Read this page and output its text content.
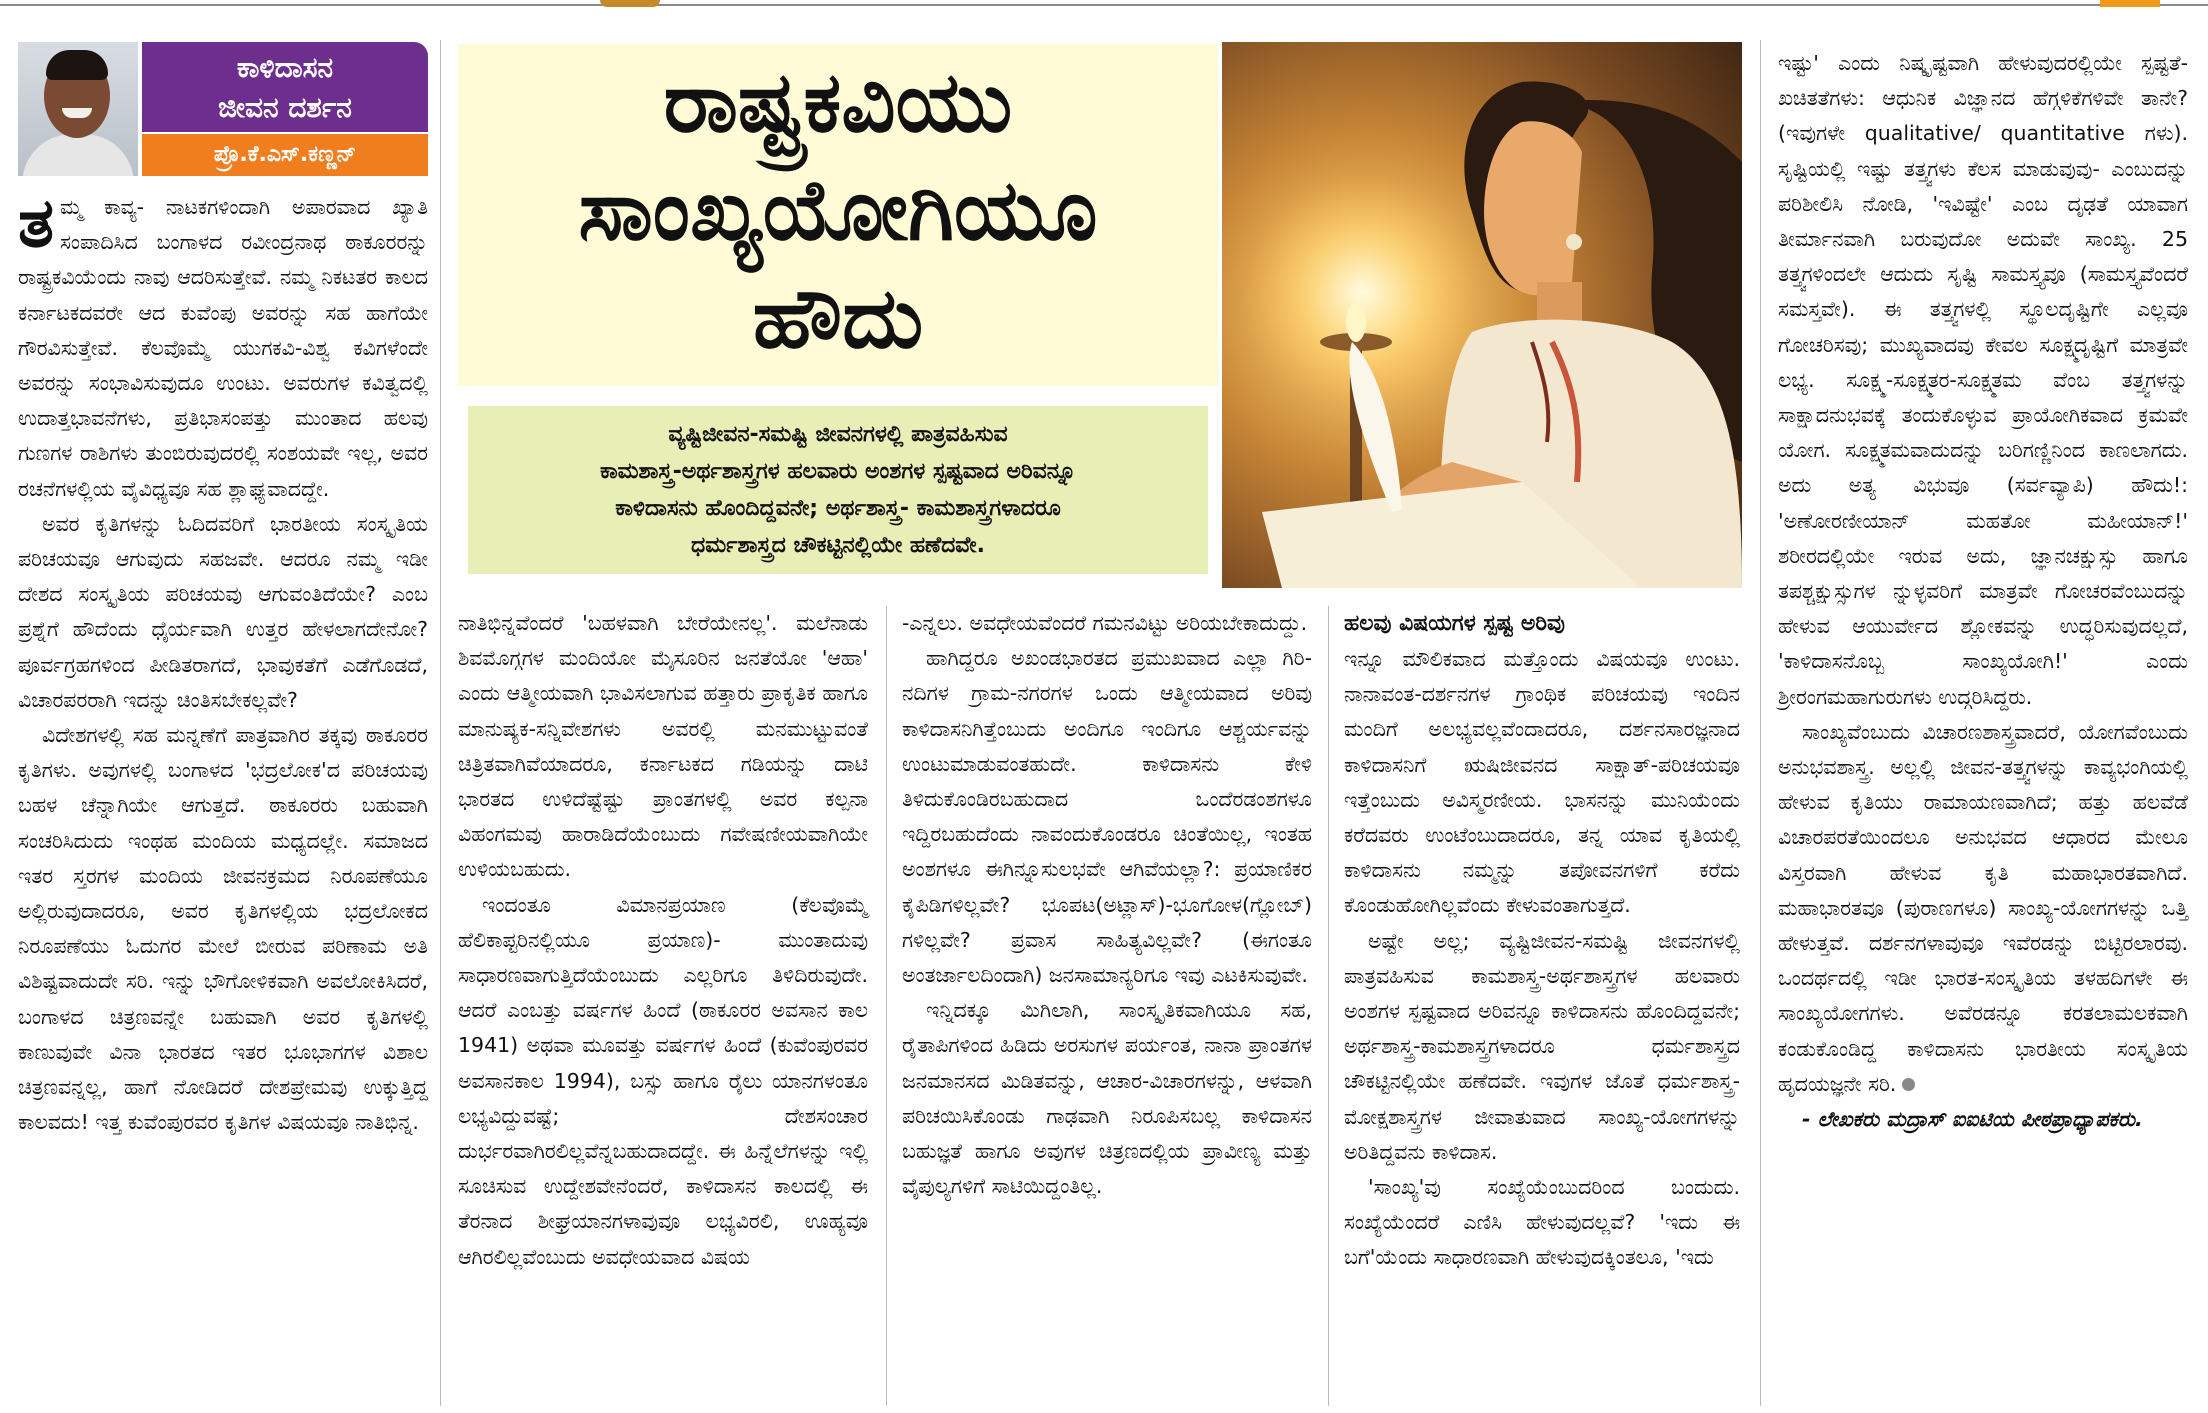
ಕಾಳಿದಾಸನ
ಜೀವನ ದರ್ಶನ
ಪ್ರೊ.ಕೆ.ಎಸ್.ಕಣ್ಣನ್
ರಾಷ್ಟ್ರಕವಿಯು
ಸಾಂಖ್ಯಯೋಗಿಯೂ
ಹೌದು
ವ್ಯಷ್ಟಿಜೀವನ-ಸಮಷ್ಟಿ ಜೀವನಗಳಲ್ಲಿ ಪಾತ್ರವಹಿಸುವ
ಕಾಮಶಾಸ್ತ್ರ-ಅರ್ಥಶಾಸ್ತ್ರಗಳ ಹಲವಾರು ಅಂಶಗಳ ಸ್ಪಷ್ಟವಾದ ಅರಿವನ್ನೂ
ಕಾಳಿದಾಸನು ಹೊಂದಿದ್ದವನೇ; ಅರ್ಥಶಾಸ್ತ್ರ- ಕಾಮಶಾಸ್ತ್ರಗಳಾದರೂ
ಧರ್ಮಶಾಸ್ತ್ರದ ಚೌಕಟ್ಟಿನಲ್ಲಿಯೇ ಹಣೆದವೇ.

ತಮ್ಮ ಕಾವ್ಯ- ನಾಟಕಗಳಿಂದಾಗಿ ಅಪಾರವಾದ ಖ್ಯಾತಿ ಸಂಪಾದಿಸಿದ ಬಂಗಾಳದ ರವೀಂದ್ರನಾಥ ಠಾಕೂರರನ್ನು ರಾಷ್ಟ್ರಕವಿಯೆಂದು ನಾವು ಆದರಿಸುತ್ತೇವೆ. ನಮ್ಮ ನಿಕಟತರ ಕಾಲದ ಕರ್ನಾಟಕದವರೇ ಆದ ಕುವೆಂಪು ಅವರನ್ನು ಸಹ ಹಾಗೆಯೇ ಗೌರವಿಸುತ್ತೇವೆ. ಕೆಲವೊಮ್ಮೆ ಯುಗಕವಿ-ವಿಶ್ವ ಕವಿಗಳೆಂದೇ ಅವರನ್ನು ಸಂಭಾವಿಸುವುದೂ ಉಂಟು. ಅವರುಗಳ ಕವಿತ್ವದಲ್ಲಿ ಉದಾತ್ತಭಾವನೆಗಳು, ಪ್ರತಿಭಾಸಂಪತ್ತು ಮುಂತಾದ ಹಲವು ಗುಣಗಳ ರಾಶಿಗಳು ತುಂಬಿರುವುದರಲ್ಲಿ ಸಂಶಯವೇ ಇಲ್ಲ, ಅವರ ರಚನೆಗಳಲ್ಲಿಯ ವೈವಿಧ್ಯವೂ ಸಹ ಶ್ಲಾಘ್ಯವಾದದ್ದೇ.

ಅವರ ಕೃತಿಗಳನ್ನು ಓದಿದವರಿಗೆ ಭಾರತೀಯ ಸಂಸ್ಕೃತಿಯ ಪರಿಚಯವೂ ಆಗುವುದು ಸಹಜವೇ. ಆದರೂ ನಮ್ಮ ಇಡೀ ದೇಶದ ಸಂಸ್ಕೃತಿಯ ಪರಿಚಯವು ಆಗುವಂತಿದೆಯೇ? ಎಂಬ ಪ್ರಶ್ನೆಗೆ ಹೌದೆಂದು ಧೈರ್ಯವಾಗಿ ಉತ್ತರ ಹೇಳಲಾಗದೇನೋ? ಪೂರ್ವಗ್ರಹಗಳಿಂದ ಪೀಡಿತರಾಗದೆ, ಭಾವುಕತೆಗೆ ಎಡೆಗೊಡದೆ, ವಿಚಾರಪರರಾಗಿ ಇದನ್ನು ಚಿಂತಿಸಬೇಕಲ್ಲವೇ?

ವಿದೇಶಗಳಲ್ಲಿ ಸಹ ಮನ್ನಣೆಗೆ ಪಾತ್ರವಾಗಿರ ತಕ್ಕವು ಠಾಕೂರರ ಕೃತಿಗಳು. ಅವುಗಳಲ್ಲಿ ಬಂಗಾಳದ 'ಭದ್ರಲೋಕ'ದ ಪರಿಚಯವು ಬಹಳ ಚೆನ್ನಾಗಿಯೇ ಆಗುತ್ತದೆ. ಠಾಕೂರರು ಬಹುವಾಗಿ ಸಂಚರಿಸಿದುದು ಇಂಥಹ ಮಂದಿಯ ಮಧ್ಯದಲ್ಲೇ. ಸಮಾಜದ ಇತರ ಸ್ತರಗಳ ಮಂದಿಯ ಜೀವನಕ್ರಮದ ನಿರೂಪಣೆಯೂ ಅಲ್ಲಿರುವುದಾದರೂ, ಅವರ ಕೃತಿಗಳಲ್ಲಿಯ ಭದ್ರಲೋಕದ ನಿರೂಪಣೆಯು ಓದುಗರ ಮೇಲೆ ಬೀರುವ ಪರಿಣಾಮ ಅತಿ ವಿಶಿಷ್ಟವಾದುದೇ ಸರಿ. ಇನ್ನು ಭೌಗೋಳಿಕವಾಗಿ ಅವಲೋಕಿಸಿದರೆ, ಬಂಗಾಳದ ಚಿತ್ರಣವನ್ನೇ ಬಹುವಾಗಿ ಅವರ ಕೃತಿಗಳಲ್ಲಿ ಕಾಣುವುವೇ ವಿನಾ ಭಾರತದ ಇತರ ಭೂಭಾಗಗಳ ವಿಶಾಲ ಚಿತ್ರಣವನ್ನಲ್ಲ, ಹಾಗೆ ನೋಡಿದರೆ ದೇಶಪ್ರೇಮವು ಉಕ್ಕುತ್ತಿದ್ದ ಕಾಲವದು! ಇತ್ತ ಕುವೆಂಪುರವರ ಕೃತಿಗಳ ವಿಷಯವೂ ನಾತಿಭಿನ್ನ.

ನಾತಿಭಿನ್ನವೆಂದರೆ 'ಬಹಳವಾಗಿ ಬೇರೆಯೇನಲ್ಲ'. ಮಲೆನಾಡು ಶಿವಮೊಗ್ಗಗಳ ಮಂದಿಯೋ ಮೈಸೂರಿನ ಜನತೆಯೋ 'ಆಹಾ' ಎಂದು ಆತ್ಮೀಯವಾಗಿ ಭಾವಿಸಲಾಗುವ ಹತ್ತಾರು ಪ್ರಾಕೃತಿಕ ಹಾಗೂ ಮಾನುಷ್ಯಕ-ಸನ್ನಿವೇಶಗಳು ಅವರಲ್ಲಿ ಮನಮುಟ್ಟುವಂತೆ ಚಿತ್ರಿತವಾಗಿವೆಯಾದರೂ, ಕರ್ನಾಟಕದ ಗಡಿಯನ್ನು ದಾಟಿ ಭಾರತದ ಉಳಿದೆಷ್ಟೆಷ್ಟು ಪ್ರಾಂತಗಳಲ್ಲಿ ಅವರ ಕಲ್ಪನಾ ವಿಹಂಗಮವು ಹಾರಾಡಿದೆಯೆಂಬುದು ಗವೇಷಣೀಯವಾಗಿಯೇ ಉಳಿಯಬಹುದು.

ಇಂದಂತೂ ವಿಮಾನಪ್ರಯಾಣ (ಕೆಲವೊಮ್ಮೆ ಹೆಲಿಕಾಪ್ಟರಿನಲ್ಲಿಯೂ ಪ್ರಯಾಣ)- ಮುಂತಾದುವು ಸಾಧಾರಣವಾಗುತ್ತಿದೆಯೆಂಬುದು ಎಲ್ಲರಿಗೂ ತಿಳಿದಿರುವುದೇ. ಆದರೆ ಎಂಬತ್ತು ವರ್ಷಗಳ ಹಿಂದೆ (ಠಾಕೂರರ ಅವಸಾನ ಕಾಲ 1941) ಅಥವಾ ಮೂವತ್ತು ವರ್ಷಗಳ ಹಿಂದೆ (ಕುವೆಂಪುರವರ ಅವಸಾನಕಾಲ 1994), ಬಸ್ಸು ಹಾಗೂ ರೈಲು ಯಾನಗಳಂತೂ ಲಭ್ಯವಿದ್ದುವಷ್ಟೆ; ದೇಶಸಂಚಾರ ದುರ್ಭರವಾಗಿರಲಿಲ್ಲವೆನ್ನಬಹುದಾದದ್ದೇ. ಈ ಹಿನ್ನೆಲೆಗಳನ್ನು ಇಲ್ಲಿ ಸೂಚಿಸುವ ಉದ್ದೇಶವೇನೆಂದರೆ, ಕಾಳಿದಾಸನ ಕಾಲದಲ್ಲಿ ಈ ತೆರನಾದ ಶೀಘ್ರಯಾನಗಳಾವುವೂ ಲಭ್ಯವಿರಲಿ, ಊಹ್ಯವೂ ಆಗಿರಲಿಲ್ಲವೆಂಬುದು ಅವಧೇಯವಾದ ವಿಷಯ

-ಎನ್ನಲು. ಅವಧೇಯವೆಂದರೆ ಗಮನವಿಟ್ಟು ಅರಿಯಬೇಕಾದುದ್ದು.

ಹಾಗಿದ್ದರೂ ಅಖಂಡಭಾರತದ ಪ್ರಮುಖವಾದ ಎಲ್ಲಾ ಗಿರಿ-ನದಿಗಳ ಗ್ರಾಮ-ನಗರಗಳ ಒಂದು ಆತ್ಮೀಯವಾದ ಅರಿವು ಕಾಳಿದಾಸನಿಗಿತ್ತೆಂಬುದು ಅಂದಿಗೂ ಇಂದಿಗೂ ಆಶ್ಚರ್ಯವನ್ನು ಉಂಟುಮಾಡುವಂತಹುದೇ. ಕಾಳಿದಾಸನು ಕೇಳಿ ತಿಳಿದುಕೊಂಡಿರಬಹುದಾದ ಒಂದೆರಡಂಶಗಳೂ ಇದ್ದಿರಬಹುದೆಂದು ನಾವಂದುಕೊಂಡರೂ ಚಿಂತೆಯಿಲ್ಲ, ಇಂತಹ ಅಂಶಗಳೂ ಈಗಿನ್ನೂಸುಲಭವೇ ಆಗಿವೆಯಲ್ಲಾ?: ಪ್ರಯಾಣಿಕರ ಕೈಪಿಡಿಗಳಿಲ್ಲವೇ? ಭೂಪಟ(ಅಟ್ಲಾಸ್)-ಭೂಗೋಳ(ಗ್ಲೋಬ್) ಗಳಿಲ್ಲವೇ? ಪ್ರವಾಸ ಸಾಹಿತ್ಯವಿಲ್ಲವೇ? (ಈಗಂತೂ ಅಂತರ್ಜಾಲದಿಂದಾಗಿ) ಜನಸಾಮಾನ್ಯರಿಗೂ ಇವು ಎಟಕಿಸುವುವೇ.

ಇನ್ನಿದಕ್ಕೂ ಮಿಗಿಲಾಗಿ, ಸಾಂಸ್ಕೃತಿಕವಾಗಿಯೂ ಸಹ, ರೈತಾಪಿಗಳಿಂದ ಹಿಡಿದು ಅರಸುಗಳ ಪರ್ಯಂತ, ನಾನಾ ಪ್ರಾಂತಗಳ ಜನಮಾನಸದ ಮಿಡಿತವನ್ನು, ಆಚಾರ-ವಿಚಾರಗಳನ್ನು, ಆಳವಾಗಿ ಪರಿಚಯಿಸಿಕೊಂಡು ಗಾಢವಾಗಿ ನಿರೂಪಿಸಬಲ್ಲ ಕಾಳಿದಾಸನ ಬಹುಜ್ಞತೆ ಹಾಗೂ ಅವುಗಳ ಚಿತ್ರಣದಲ್ಲಿಯ ಪ್ರಾವೀಣ್ಯ ಮತ್ತು ವೈಪುಲ್ಯಗಳಿಗೆ ಸಾಟಿಯಿದ್ದಂತಿಲ್ಲ.

ಹಲವು ವಿಷಯಗಳ ಸ್ಪಷ್ಟ ಅರಿವು

ಇನ್ನೂ ಮೌಲಿಕವಾದ ಮತ್ತೊಂದು ವಿಷಯವೂ ಉಂಟು. ನಾನಾವಂತ-ದರ್ಶನಗಳ ಗ್ರಾಂಥಿಕ ಪರಿಚಯವು ಇಂದಿನ ಮಂದಿಗೆ ಅಲಭ್ಯವಲ್ಲವೆಂದಾದರೂ, ದರ್ಶನಸಾರಜ್ಞನಾದ ಕಾಳಿದಾಸನಿಗೆ ಋಷಿಜೀವನದ ಸಾಕ್ಷಾತ್-ಪರಿಚಯವೂ ಇತ್ತೆಂಬುದು ಅವಿಸ್ಮರಣೀಯ. ಭಾಸನನ್ನು ಮುನಿಯೆಂದು ಕರೆದವರು ಉಂಟೆಂಬುದಾದರೂ, ತನ್ನ ಯಾವ ಕೃತಿಯಲ್ಲಿ ಕಾಳಿದಾಸನು ನಮ್ಮನ್ನು ತಪೋವನಗಳಿಗೆ ಕರೆದು ಕೊಂಡುಹೋಗಿಲ್ಲವೆಂದು ಕೇಳುವಂತಾಗುತ್ತದೆ.

ಅಷ್ಟೇ ಅಲ್ಲ; ವ್ಯಷ್ಟಿಜೀವನ-ಸಮಷ್ಟಿ ಜೀವನಗಳಲ್ಲಿ ಪಾತ್ರವಹಿಸುವ ಕಾಮಶಾಸ್ತ್ರ-ಅರ್ಥಶಾಸ್ತ್ರಗಳ ಹಲವಾರು ಅಂಶಗಳ ಸ್ಪಷ್ಟವಾದ ಅರಿವನ್ನೂ ಕಾಳಿದಾಸನು ಹೊಂದಿದ್ದವನೇ; ಅರ್ಥಶಾಸ್ತ್ರ-ಕಾಮಶಾಸ್ತ್ರಗಳಾದರೂ ಧರ್ಮಶಾಸ್ತ್ರದ ಚೌಕಟ್ಟಿನಲ್ಲಿಯೇ ಹಣೆದವೇ. ಇವುಗಳ ಜೊತೆ ಧರ್ಮಶಾಸ್ತ್ರ- ಮೋಕ್ಷಶಾಸ್ತ್ರಗಳ ಜೀವಾತುವಾದ ಸಾಂಖ್ಯ-ಯೋಗಗಳನ್ನು ಅರಿತಿದ್ದವನು ಕಾಳಿದಾಸ.

'ಸಾಂಖ್ಯ'ವು ಸಂಖ್ಯೆಯೆಂಬುದರಿಂದ ಬಂದುದು. ಸಂಖ್ಯೆಯೆಂದರೆ ಎಣಿಸಿ ಹೇಳುವುದಲ್ಲವೆ? 'ಇದು ಈ ಬಗೆ'ಯೆಂದು ಸಾಧಾರಣವಾಗಿ ಹೇಳುವುದಕ್ಕಿಂತಲೂ, 'ಇದು

ಇಷ್ಟು' ಎಂದು ನಿಷ್ಕೃಷ್ಟವಾಗಿ ಹೇಳುವುದರಲ್ಲಿಯೇ ಸ್ಪಷ್ಟತೆ-ಖಚಿತತೆಗಳು: ಆಧುನಿಕ ವಿಜ್ಞಾನದ ಹೆಗ್ಗಳಿಕೆಗಳಿವೇ ತಾನೇ? (ಇವುಗಳೇ qualitative/ quantitative ಗಳು). ಸೃಷ್ಟಿಯಲ್ಲಿ ಇಷ್ಟು ತತ್ತ್ವಗಳು ಕೆಲಸ ಮಾಡುವುವು- ಎಂಬುದನ್ನು ಪರಿಶೀಲಿಸಿ ನೋಡಿ, 'ಇವಿಷ್ಟೇ' ಎಂಬ ದೃಢತೆ ಯಾವಾಗ ತೀರ್ಮಾನವಾಗಿ ಬರುವುದೋ ಅದುವೇ ಸಾಂಖ್ಯ. 25 ತತ್ತ್ವಗಳಿಂದಲೇ ಆದುದು ಸೃಷ್ಟಿ ಸಾಮಸ್ತ್ಯವೂ (ಸಾಮಸ್ತ್ಯವೆಂದರೆ ಸಮಸ್ತವೇ). ಈ ತತ್ತ್ವಗಳಲ್ಲಿ ಸ್ಥೂಲದೃಷ್ಟಿಗೇ ಎಲ್ಲವೂ ಗೋಚರಿಸವು; ಮುಖ್ಯವಾದವು ಕೇವಲ ಸೂಕ್ಷ್ಮದೃಷ್ಟಿಗೆ ಮಾತ್ರವೇ ಲಭ್ಯ. ಸೂಕ್ಷ್ಮ-ಸೂಕ್ಷ್ಮತರ-ಸೂಕ್ಷ್ಮತಮ ವೆಂಬ ತತ್ತ್ವಗಳನ್ನು ಸಾಕ್ಷಾದನುಭವಕ್ಕೆ ತಂದುಕೊಳ್ಳುವ ಪ್ರಾಯೋಗಿಕವಾದ ಕ್ರಮವೇ ಯೋಗ. ಸೂಕ್ಷ್ಮತಮವಾದುದನ್ನು ಬರಿಗಣ್ಣಿನಿಂದ ಕಾಣಲಾಗದು. ಅದು ಅತ್ಯ ವಿಭುವೂ (ಸರ್ವವ್ಯಾಪಿ) ಹೌದು!: 'ಅಣೋರಣೀಯಾನ್ ಮಹತೋ ಮಹೀಯಾನ್!' ಶರೀರದಲ್ಲಿಯೇ ಇರುವ ಅದು, ಜ್ಞಾನಚಕ್ಷುಸ್ಸು ಹಾಗೂ ತಪಶ್ಚಕ್ಷುಸ್ಸುಗಳ ನ್ನುಳ್ಳವರಿಗೆ ಮಾತ್ರವೇ ಗೋಚರವೆಂಬುದನ್ನು ಹೇಳುವ ಆಯುರ್ವೇದ ಶ್ಲೋಕವನ್ನು ಉದ್ಧರಿಸುವುದಲ್ಲದೆ, 'ಕಾಳಿದಾಸನೊಬ್ಬ ಸಾಂಖ್ಯಯೋಗಿ!' ಎಂದು ಶ್ರೀರಂಗಮಹಾಗುರುಗಳು ಉದ್ಗರಿಸಿದ್ದರು.

ಸಾಂಖ್ಯವೆಂಬುದು ವಿಚಾರಣಶಾಸ್ತ್ರವಾದರೆ, ಯೋಗವೆಂಬುದು ಅನುಭವಶಾಸ್ತ್ರ. ಅಲ್ಲಲ್ಲಿ ಜೀವನ-ತತ್ತ್ವಗಳನ್ನು ಕಾವ್ಯಭಂಗಿಯಲ್ಲಿ ಹೇಳುವ ಕೃತಿಯು ರಾಮಾಯಣವಾಗಿದೆ; ಹತ್ತು ಹಲವೆಡೆ ವಿಚಾರಪರತೆಯಿಂದಲೂ ಅನುಭವದ ಆಧಾರದ ಮೇಲೂ ವಿಸ್ತರವಾಗಿ ಹೇಳುವ ಕೃತಿ ಮಹಾಭಾರತವಾಗಿದೆ. ಮಹಾಭಾರತವೂ (ಪುರಾಣಗಳೂ) ಸಾಂಖ್ಯ-ಯೋಗಗಳನ್ನು ಒತ್ತಿ ಹೇಳುತ್ತವೆ. ದರ್ಶನಗಳಾವುವೂ ಇವೆರಡನ್ನು ಬಿಟ್ಟಿರಲಾರವು. ಒಂದರ್ಥದಲ್ಲಿ ಇಡೀ ಭಾರತ-ಸಂಸ್ಕೃತಿಯ ತಳಹದಿಗಳೇ ಈ ಸಾಂಖ್ಯಯೋಗಗಳು. ಅವೆರಡನ್ನೂ ಕರತಲಾಮಲಕವಾಗಿ ಕಂಡುಕೊಂಡಿದ್ದ ಕಾಳಿದಾಸನು ಭಾರತೀಯ ಸಂಸ್ಕೃತಿಯ ಹೃದಯಜ್ಞನೇ ಸರಿ.

- ಲೇಖಕರು ಮದ್ರಾಸ್ ಐಐಟಿಯ ಪೀಠಪ್ರಾಧ್ಯಾಪಕರು.
